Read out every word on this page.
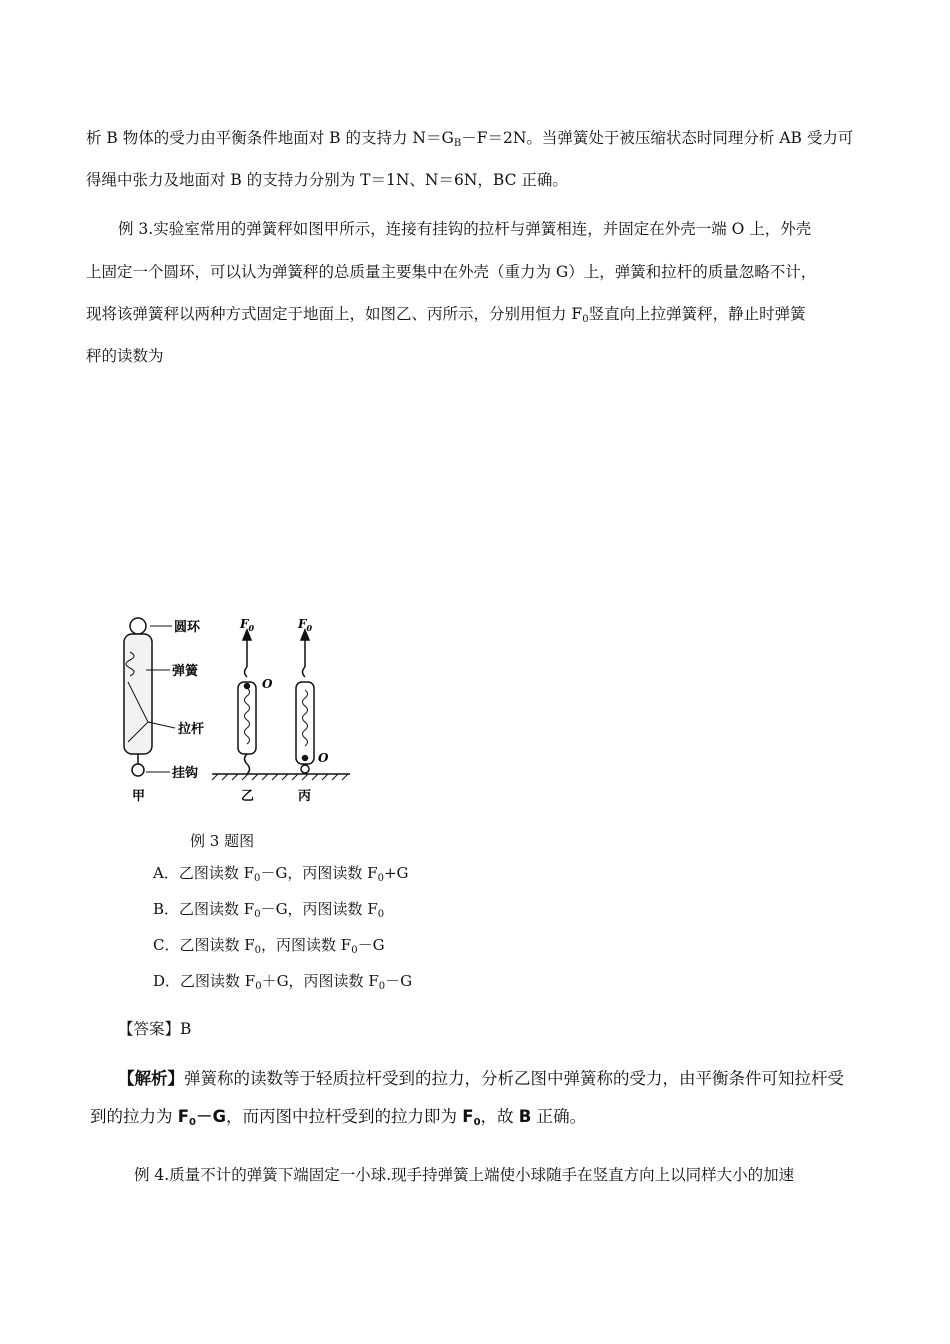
析 B 物体的受力由平衡条件地面对 B 的支持力 $N=G_B-F=2N$。当弹簧处于被压缩状态时同理分析 AB 受力可
得绳中张力及地面对 B 的支持力分别为 T＝1N、N＝6N，BC 正确。
例 3.实验室常用的弹簧秤如图甲所示，连接有挂钩的拉杆与弹簧相连，并固定在外壳一端 O 上，外壳
上固定一个圆环，可以认为弹簧秤的总质量主要集中在外壳（重力为 G）上，弹簧和拉杆的质量忽略不计，
现将该弹簧秤以两种方式固定于地面上，如图乙、丙所示，分别用恒力 $F_0$竖直向上拉弹簧秤，静止时弹簧
秤的读数为
圆环
弹簧
拉杆
挂钩
甲
$F_0$
O
乙
$F_0$
O
丙
例 3 题图
A．乙图读数 $F_0-G$，丙图读数 $F_0+G$
B．乙图读数 $F_0-G$，丙图读数 $F_0$
C．乙图读数 $F_0$，丙图读数 $F_0-G$
D．乙图读数 $F_0+G$，丙图读数 $F_0-G$
【答案】B
【解析】弹簧称的读数等于轻质拉杆受到的拉力，分析乙图中弹簧称的受力，由平衡条件可知拉杆受
到的拉力为 $F_0-G$，而丙图中拉杆受到的拉力即为 $F_0$，故 B 正确。
例 4.质量不计的弹簧下端固定一小球.现手持弹簧上端使小球随手在竖直方向上以同样大小的加速
